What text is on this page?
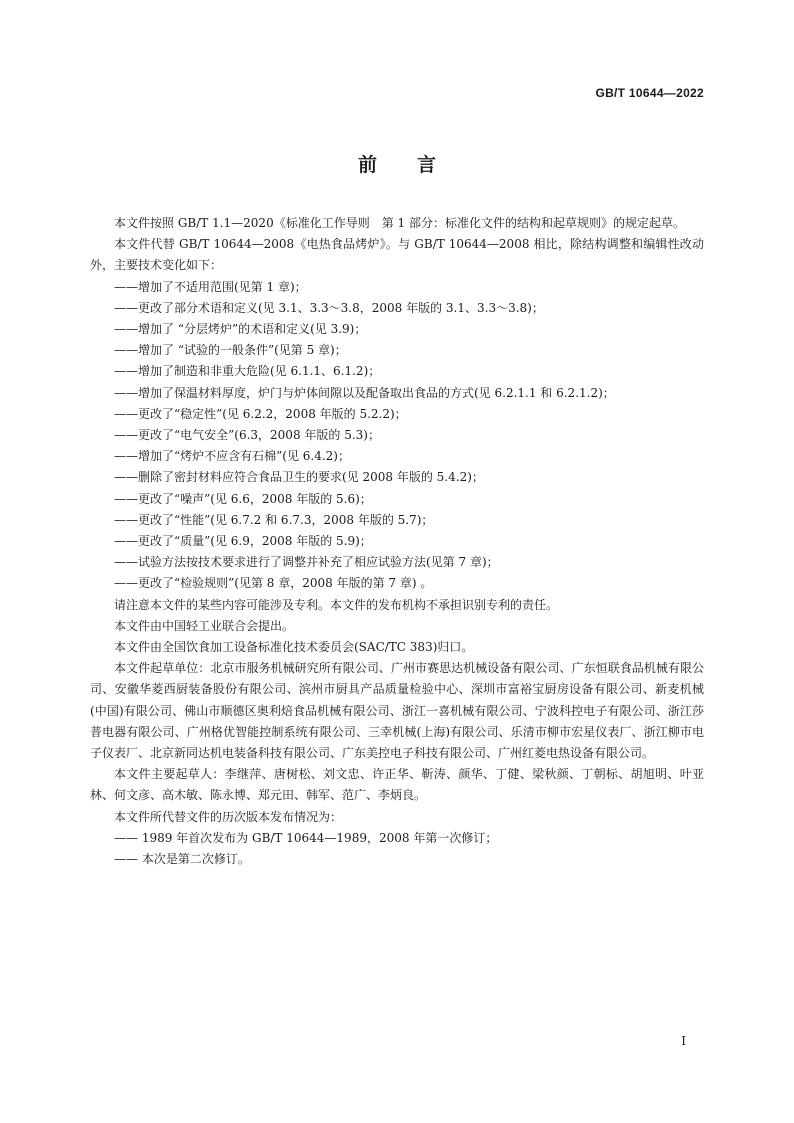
GB/T 10644—2022
前言

本文件按照 GB/T 1.1—2020《标准化工作导则　第 1 部分：标准化文件的结构和起草规则》的规定起草。

本文件代替 GB/T 10644—2008《电热食品烤炉》。与 GB/T 10644—2008 相比，除结构调整和编辑性改动外，主要技术变化如下：

——增加了不适用范围(见第 1 章)；

——更改了部分术语和定义(见 3.1、3.3～3.8，2008 年版的 3.1、3.3～3.8)；

——增加了 “分层烤炉”的术语和定义(见 3.9)；

——增加了 “试验的一般条件”(见第 5 章)；

——增加了制造和非重大危险(见 6.1.1、6.1.2)；

——增加了保温材料厚度，炉门与炉体间隙以及配备取出食品的方式(见 6.2.1.1 和 6.2.1.2)；

——更改了“稳定性”(见 6.2.2，2008 年版的 5.2.2)；

——更改了“电气安全”(6.3，2008 年版的 5.3)；

——增加了“烤炉不应含有石棉”(见 6.4.2)；

——删除了密封材料应符合食品卫生的要求(见 2008 年版的 5.4.2)；

——更改了“噪声”(见 6.6，2008 年版的 5.6)；

——更改了“性能”(见 6.7.2 和 6.7.3，2008 年版的 5.7)；

——更改了“质量”(见 6.9，2008 年版的 5.9)；

——试验方法按技术要求进行了调整并补充了相应试验方法(见第 7 章)；

——更改了“检验规则”(见第 8 章，2008 年版的第 7 章) 。

请注意本文件的某些内容可能涉及专利。本文件的发布机构不承担识别专利的责任。

本文件由中国轻工业联合会提出。

本文件由全国饮食加工设备标准化技术委员会(SAC/TC 383)归口。

本文件起草单位：北京市服务机械研究所有限公司、广州市赛思达机械设备有限公司、广东恒联食品机械有限公司、安徽华菱西厨装备股份有限公司、滨州市厨具产品质量检验中心、深圳市富裕宝厨房设备有限公司、新麦机械(中国)有限公司、佛山市顺德区奥利焙食品机械有限公司、浙江一喜机械有限公司、宁波科控电子有限公司、浙江莎普电器有限公司、广州格优智能控制系统有限公司、三幸机械(上海)有限公司、乐清市柳市宏星仪表厂、浙江柳市电子仪表厂、北京新同达机电装备科技有限公司、广东美控电子科技有限公司、广州红菱电热设备有限公司。

本文件主要起草人：李继萍、唐树松、刘文忠、许正华、靳涛、颜华、丁健、梁秋颜、丁朝标、胡旭明、叶亚林、何文彦、高木敏、陈永博、郑元田、韩军、范广、李炳良。

本文件所代替文件的历次版本发布情况为：

—— 1989 年首次发布为 GB/T 10644—1989，2008 年第一次修订；

—— 本次是第二次修订。

I
